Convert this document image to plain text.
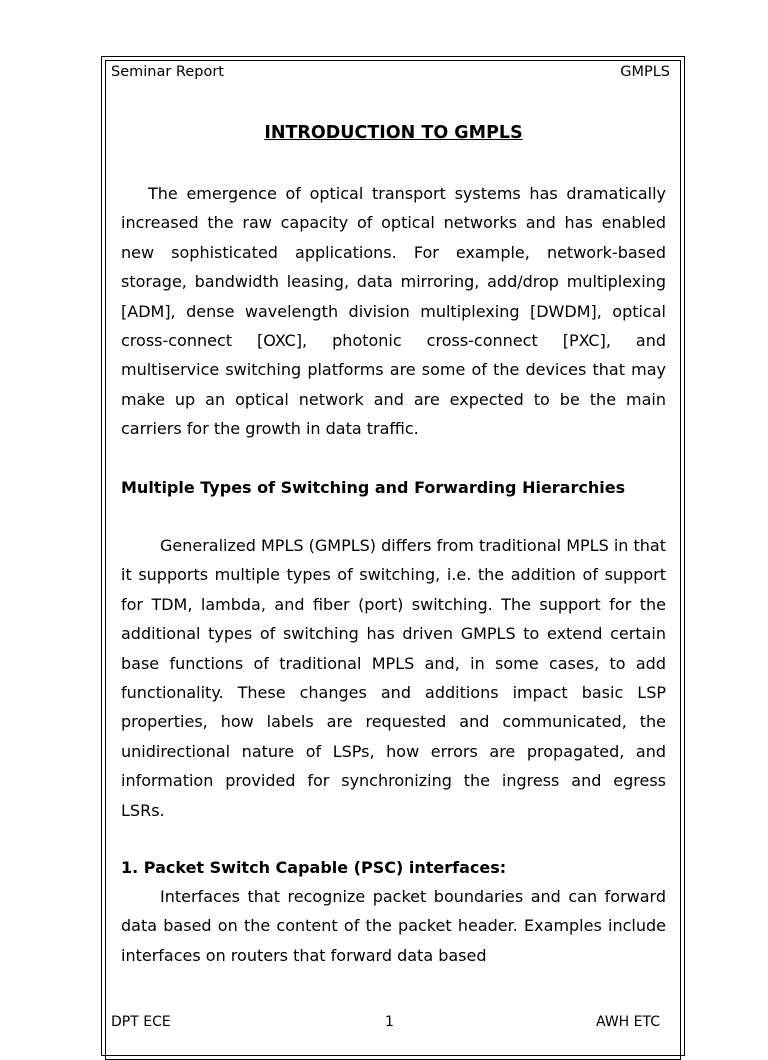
Seminar Report	GMPLS

INTRODUCTION TO GMPLS

The emergence of optical transport systems has dramatically increased the raw capacity of optical networks and has enabled new sophisticated applications. For example, network-based storage, bandwidth leasing, data mirroring, add/drop multiplexing [ADM], dense wavelength division multiplexing [DWDM], optical cross-connect [OXC], photonic cross-connect [PXC], and multiservice switching platforms are some of the devices that may make up an optical network and are expected to be the main carriers for the growth in data traffic.

Multiple Types of Switching and Forwarding Hierarchies

Generalized MPLS (GMPLS) differs from traditional MPLS in that it supports multiple types of switching, i.e. the addition of support for TDM, lambda, and fiber (port) switching. The support for the additional types of switching has driven GMPLS to extend certain base functions of traditional MPLS and, in some cases, to add functionality. These changes and additions impact basic LSP properties, how labels are requested and communicated, the unidirectional nature of LSPs, how errors are propagated, and information provided for synchronizing the ingress and egress LSRs.

1. Packet Switch Capable (PSC) interfaces:

Interfaces that recognize packet boundaries and can forward data based on the content of the packet header. Examples include interfaces on routers that forward data based

DPT ECE	1	AWH ETC
